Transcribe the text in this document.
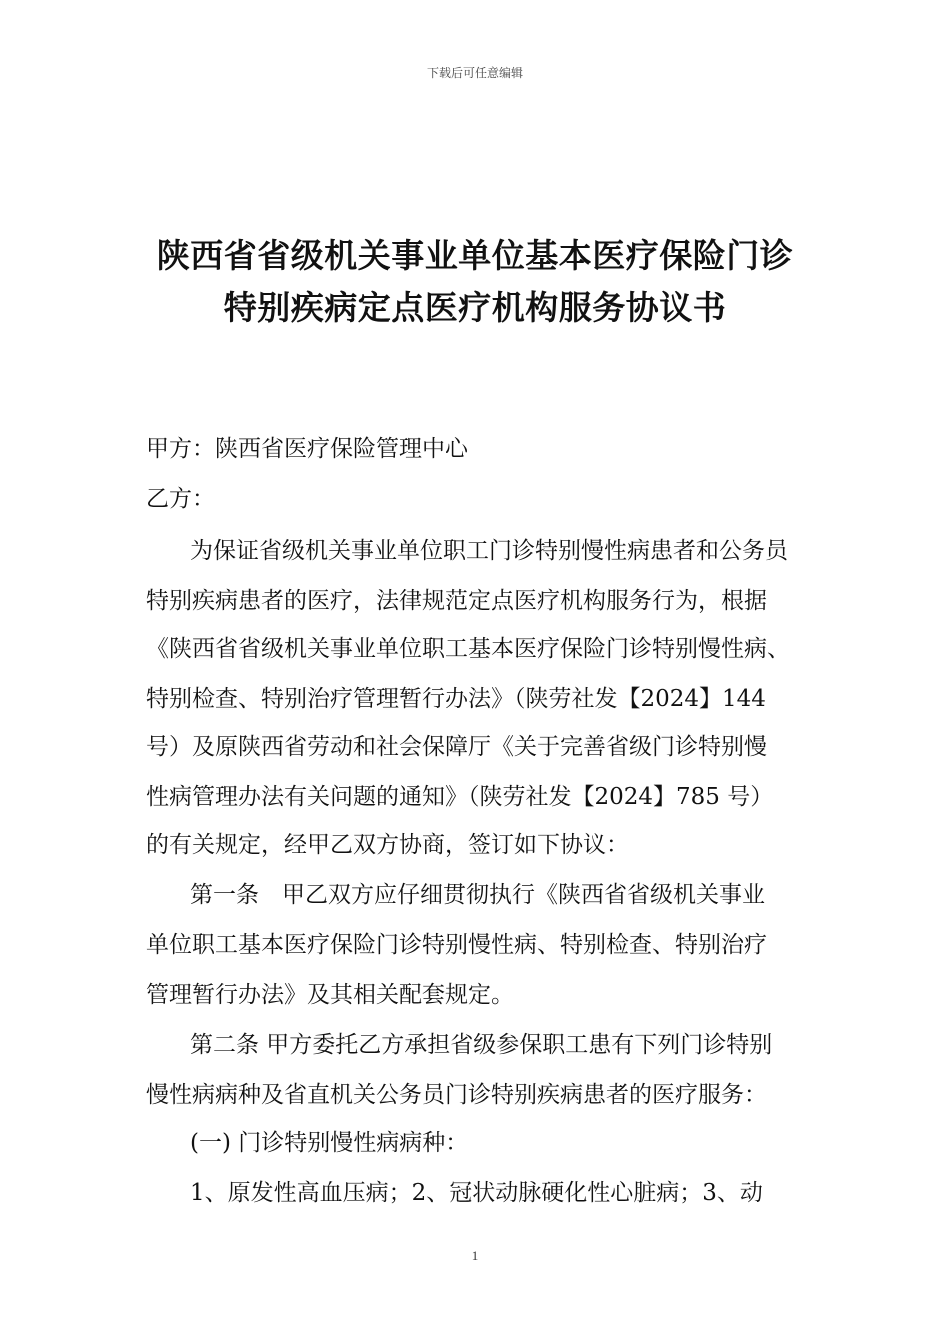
下载后可任意编辑
陕西省省级机关事业单位基本医疗保险门诊
特别疾病定点医疗机构服务协议书
甲方：陕西省医疗保险管理中心
乙方：
为保证省级机关事业单位职工门诊特别慢性病患者和公务员
特别疾病患者的医疗，法律规范定点医疗机构服务行为，根据
《陕西省省级机关事业单位职工基本医疗保险门诊特别慢性病、
特别检查、特别治疗管理暂行办法》（陕劳社发【2024】144
号）及原陕西省劳动和社会保障厅《关于完善省级门诊特别慢
性病管理办法有关问题的通知》（陕劳社发【2024】785 号）
的有关规定，经甲乙双方协商，签订如下协议：
第一条　甲乙双方应仔细贯彻执行《陕西省省级机关事业
单位职工基本医疗保险门诊特别慢性病、特别检查、特别治疗
管理暂行办法》及其相关配套规定。
第二条 甲方委托乙方承担省级参保职工患有下列门诊特别
慢性病病种及省直机关公务员门诊特别疾病患者的医疗服务：
(一) 门诊特别慢性病病种：
1、原发性高血压病；2、冠状动脉硬化性心脏病；3、动
1
